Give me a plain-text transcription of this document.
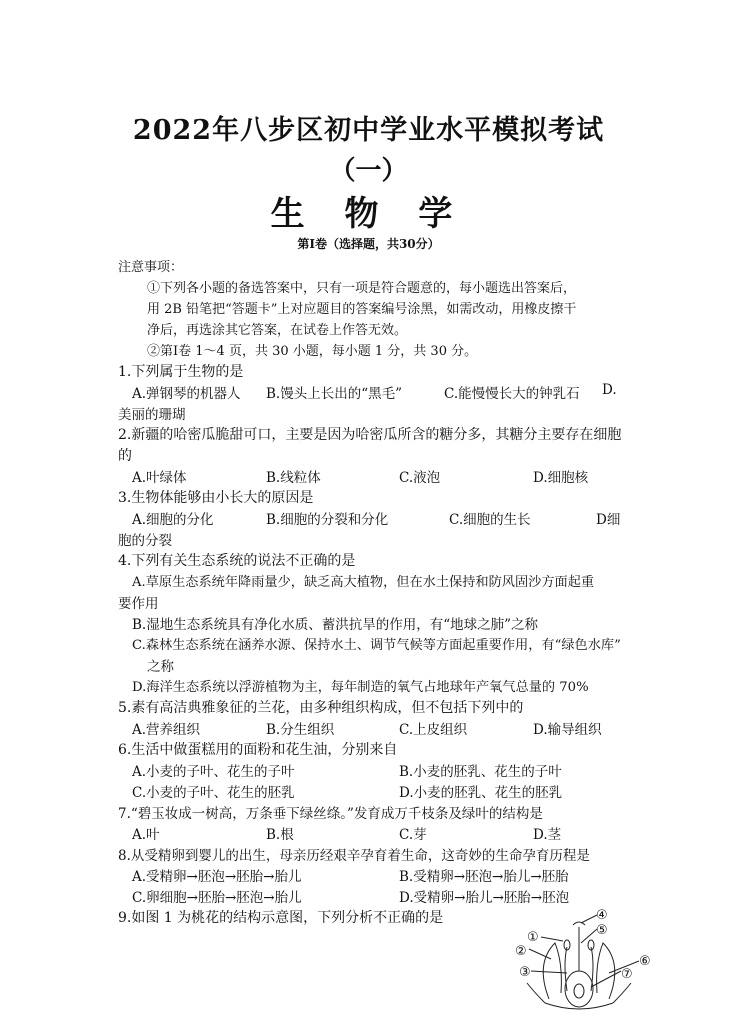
2022年八步区初中学业水平模拟考试
（一）
生 物 学
第Ⅰ卷（选择题，共30分）
注意事项：
①下列各小题的备选答案中，只有一项是符合题意的，每小题选出答案后，
用 2B 铅笔把“答题卡”上对应题目的答案编号涂黑，如需改动，用橡皮擦干
净后，再选涂其它答案，在试卷上作答无效。
②第Ⅰ卷 1～4 页，共 30 小题，每小题 1 分，共 30 分。
1.下列属于生物的是
A.弹钢琴的机器人 B.馒头上长出的“黑毛”	C.能慢慢长大的钟乳石 D.
美丽的珊瑚
2.新疆的哈密瓜脆甜可口，主要是因为哈密瓜所含的糖分多，其糖分主要存在细胞
的
A.叶绿体	B.线粒体	C.液泡	D.细胞核
3.生物体能够由小长大的原因是
A.细胞的分化	B.细胞的分裂和分化	C.细胞的生长	D细
胞的分裂
4.下列有关生态系统的说法不正确的是
A.草原生态系统年降雨量少，缺乏高大植物，但在水土保持和防风固沙方面起重
要作用
B.湿地生态系统具有净化水质、蓄洪抗旱的作用，有“地球之肺”之称
C.森林生态系统在涵养水源、保持水土、调节气候等方面起重要作用，有“绿色水库”
之称
D.海洋生态系统以浮游植物为主，每年制造的氧气占地球年产氧气总量的 70%
5.素有高洁典雅象征的兰花，由多种组织构成，但不包括下列中的
A.营养组织	B.分生组织	C.上皮组织	D.输导组织
6.生活中做蛋糕用的面粉和花生油，分别来自
A.小麦的子叶、花生的子叶	B.小麦的胚乳、花生的子叶
C.小麦的子叶、花生的胚乳	D.小麦的胚乳、花生的胚乳
7.“碧玉妆成一树高，万条垂下绿丝绦。”发育成万千枝条及绿叶的结构是
A.叶	B.根	C.芽	D.茎
8.从受精卵到婴儿的出生，母亲历经艰辛孕育着生命，这奇妙的生命孕育历程是
A.受精卵→胚泡→胚胎→胎儿	B.受精卵→胚泡→胎儿→胚胎
C.卵细胞→胚胎→胚泡→胎儿	D.受精卵→胎儿→胚胎→胚泡
9.如图 1 为桃花的结构示意图，下列分析不正确的是
①
②
③
④
⑤
⑥
⑦
